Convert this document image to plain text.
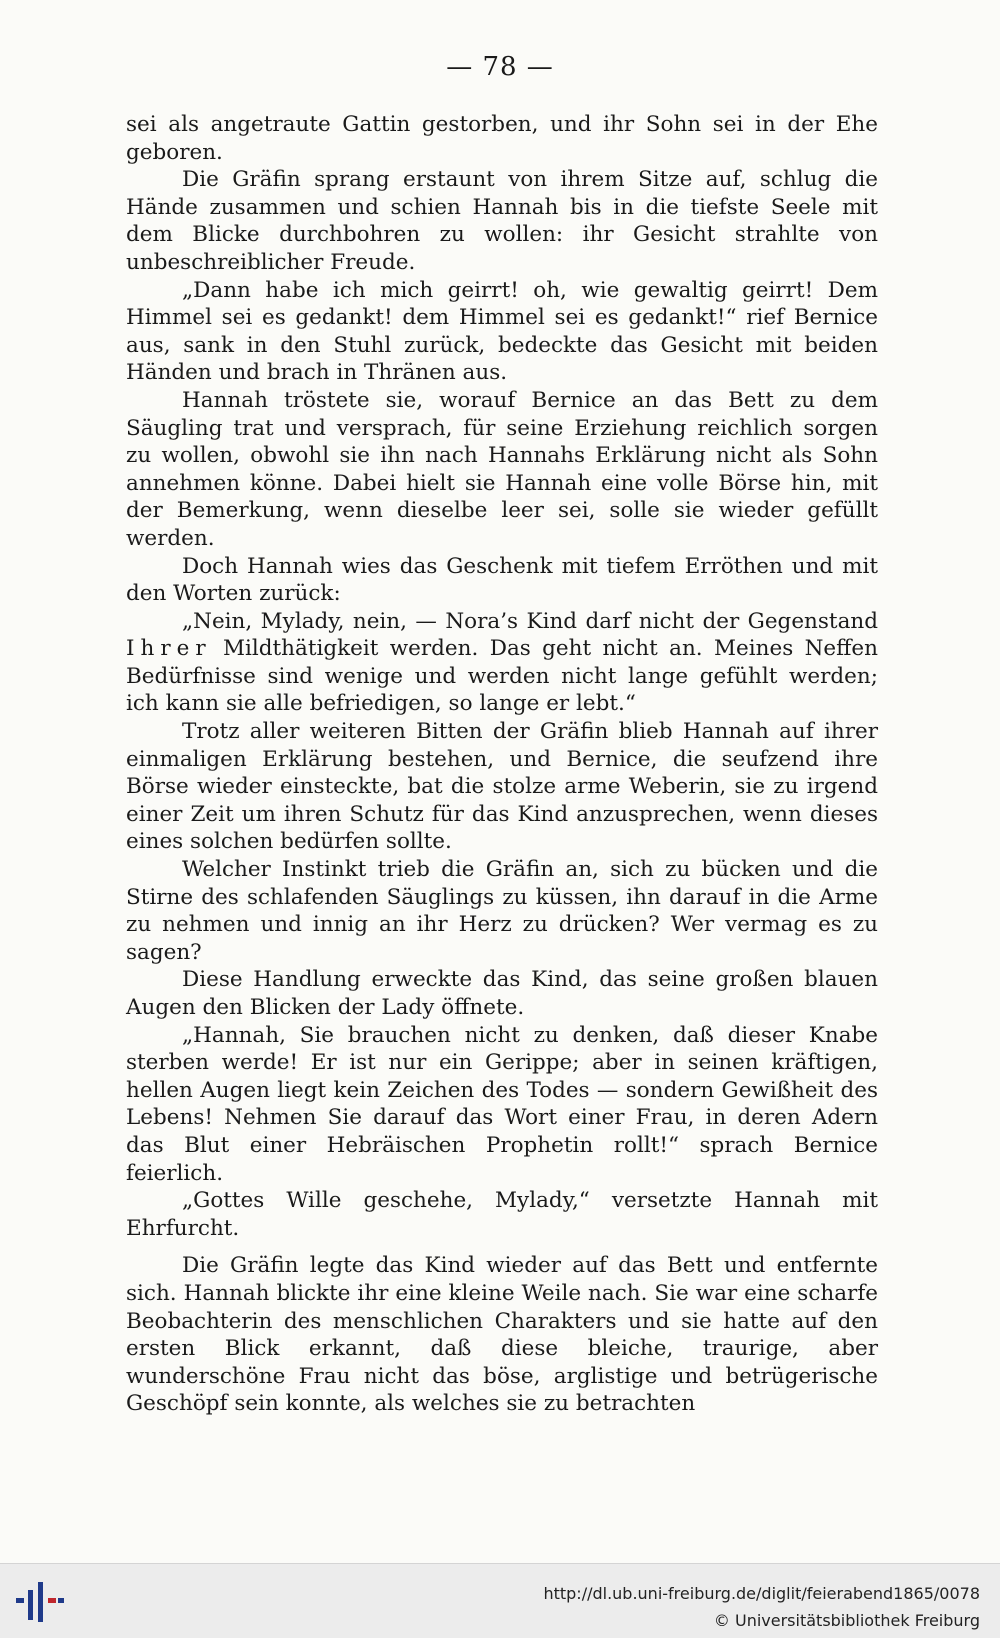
— 78 —

sei als angetraute Gattin gestorben, und ihr Sohn sei in der Ehe geboren.

Die Gräfin sprang erstaunt von ihrem Sitze auf, schlug die Hände zusammen und schien Hannah bis in die tiefste Seele mit dem Blicke durchbohren zu wollen: ihr Gesicht strahlte von unbeschreiblicher Freude.

„Dann habe ich mich geirrt! oh, wie gewaltig geirrt! Dem Himmel sei es gedankt! dem Himmel sei es gedankt!“ rief Bernice aus, sank in den Stuhl zurück, bedeckte das Gesicht mit beiden Händen und brach in Thränen aus.

Hannah tröstete sie, worauf Bernice an das Bett zu dem Säugling trat und versprach, für seine Erziehung reichlich sorgen zu wollen, obwohl sie ihn nach Hannahs Erklärung nicht als Sohn annehmen könne. Dabei hielt sie Hannah eine volle Börse hin, mit der Bemerkung, wenn dieselbe leer sei, solle sie wieder gefüllt werden.

Doch Hannah wies das Geschenk mit tiefem Erröthen und mit den Worten zurück:

„Nein, Mylady, nein, — Nora’s Kind darf nicht der Gegenstand Ihrer Mildthätigkeit werden. Das geht nicht an. Meines Neffen Bedürfnisse sind wenige und werden nicht lange gefühlt werden; ich kann sie alle befriedigen, so lange er lebt.“

Trotz aller weiteren Bitten der Gräfin blieb Hannah auf ihrer einmaligen Erklärung bestehen, und Bernice, die seufzend ihre Börse wieder einsteckte, bat die stolze arme Weberin, sie zu irgend einer Zeit um ihren Schutz für das Kind anzusprechen, wenn dieses eines solchen bedürfen sollte.

Welcher Instinkt trieb die Gräfin an, sich zu bücken und die Stirne des schlafenden Säuglings zu küssen, ihn darauf in die Arme zu nehmen und innig an ihr Herz zu drücken? Wer vermag es zu sagen?

Diese Handlung erweckte das Kind, das seine großen blauen Augen den Blicken der Lady öffnete.

„Hannah, Sie brauchen nicht zu denken, daß dieser Knabe sterben werde! Er ist nur ein Gerippe; aber in seinen kräftigen, hellen Augen liegt kein Zeichen des Todes — sondern Gewißheit des Lebens! Nehmen Sie darauf das Wort einer Frau, in deren Adern das Blut einer Hebräischen Prophetin rollt!“ sprach Bernice feierlich.

„Gottes Wille geschehe, Mylady,“ versetzte Hannah mit Ehrfurcht.

Die Gräfin legte das Kind wieder auf das Bett und entfernte sich. Hannah blickte ihr eine kleine Weile nach. Sie war eine scharfe Beobachterin des menschlichen Charakters und sie hatte auf den ersten Blick erkannt, daß diese bleiche, traurige, aber wunderschöne Frau nicht das böse, arglistige und betrügerische Geschöpf sein konnte, als welches sie zu betrachten

http://dl.ub.uni-freiburg.de/diglit/feierabend1865/0078
© Universitätsbibliothek Freiburg
